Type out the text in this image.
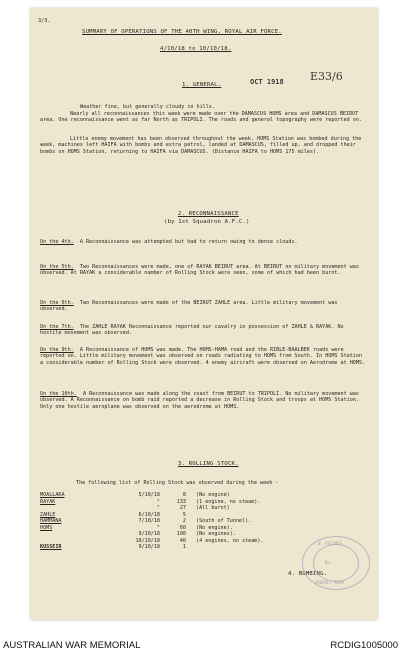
3/3.
SUMMARY OF OPERATIONS OF THE 40TH WING, ROYAL AIR FORCE.
4/10/18 to 10/10/18.
1. GENERAL.	OCT 1918 E33/6
Weather fine, but generally cloudy in hills.
Nearly all reconnaissances this week were made over the DAMASCUS HOMS area and DAMASCUS BEIRUT area. One reconnaissance went as far North as TRIPOLI. The roads and general topography were reported on.
Little enemy movement has been observed throughout the week. HOMS Station was bombed during the week, machines left HAIFA with bombs and extra petrol, landed at DAMASCUS, filled up, and dropped their bombs on HOMS Station, returning to HAIFA via DAMASCUS. (Distance HAIFA to HOMS 175 miles).
2. RECONNAISSANCE
(by 1st Squadron A.F.C.)
On the 4th. A Reconnaissance was attempted but had to return owing to dense clouds.
On the 5th. Two Reconnaissances were made, one of RAYAK BEIRUT area. At BEIRUT no military movement was observed. At RAYAK a considerable number of Rolling Stock were seen, some of which had been burnt.
On the 6th. Two Reconnaissances were made of the BEIRUT ZAHLE area. Little military movement was observed.
On the 7th. The ZAHLE RAYAK Reconnaissance reported our cavalry in possession of ZAHLE & RAYAK. No hostile movement was observed.
On the 9th. A Reconnaissance of HOMS was made. The HOMS-HAMA road and the RIBLE-BAALBEK roads were reported on. Little military movement was observed on roads radiating to HOMS from South. In HOMS Station a considerable number of Rolling Stock were observed. 4 enemy aircraft were observed on Aerodrome at HOMS.
On the 10th. A Reconnaissance was made along the coast from BEIRUT to TRIPOLI. No military movement was observed. A Reconnaissance on bomb raid reported a decrease in Rolling Stock and troops at HOMS Station. Only one hostile aeroplane was observed on the aerodrome at HOMS.
3. ROLLING STOCK.
The following list of Rolling Stock was observed during the week -
MOALLAKA	5/10/18	8	(No engine)
RAYAK	"	133	(1 engine, no steam).
	"	27	(All burnt)
ZAHLE	6/10/18	5	
HAMMANA	7/10/18	2	(South of Tunnel).
HOMS	"	60	(No engine).
	9/10/18	100	(No engines).
	10/10/18	40	(4 engines, no steam).
KUSSEIR	9/10/18	1	
4. BOMBING.
W. RECORDS
No.
ORDERLY ROOM
AUSTRALIAN WAR MEMORIAL	RCDIG1005000
